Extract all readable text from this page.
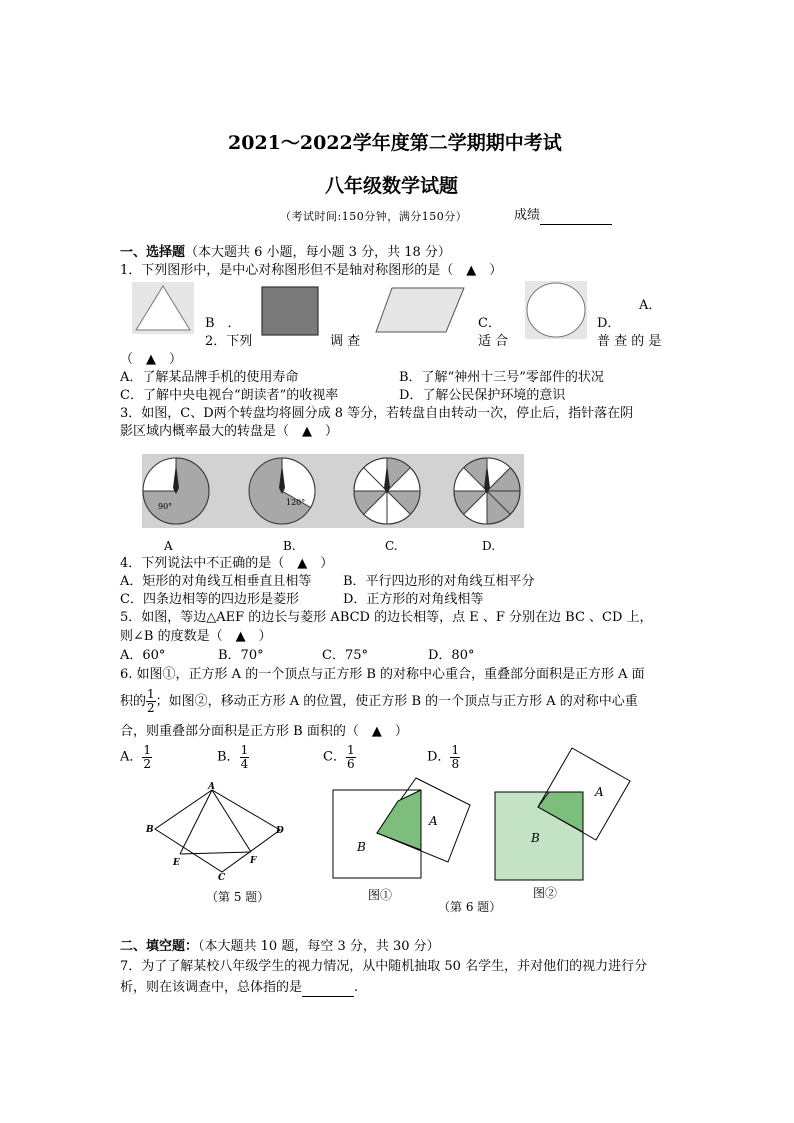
2021～2022学年度第二学期期中考试
八年级数学试题
（考试时间:150分钟，满分150分）	成绩
一、选择题（本大题共 6 小题，每小题 3 分，共 18 分）
1．下列图形中，是中心对称图形但不是轴对称图形的是（　▲　）
A．
B　．	C．	D．
2．下列	调 查	适 合	普 查 的 是
（　▲　）
A．了解某品牌手机的使用寿命	B．了解“神州十三号”零部件的状况
C．了解中央电视台“朗读者”的收视率	D．了解公民保护环境的意识
3．如图，C、D两个转盘均将圆分成 8 等分，若转盘自由转动一次，停止后，指针落在阴
影区域内概率最大的转盘是（　▲　）
90°	120°
A	B.	C.	D.
4．下列说法中不正确的是（　▲　）
A．矩形的对角线互相垂直且相等 B．平行四边形的对角线互相平分
C．四条边相等的四边形是菱形	D．正方形的对角线相等
5．如图，等边△AEF 的边长与菱形 ABCD 的边长相等，点 E 、F 分别在边 BC 、CD 上，
则∠B 的度数是（　▲　）
A．60°	B．70°	C．75°	D．80°
6. 如图①，正方形 A 的一个顶点与正方形 B 的对称中心重合，重叠部分面积是正方形 A 面
积的 $\frac{1}{2}$ ；如图②，移动正方形 A 的位置，使正方形 B 的一个顶点与正方形 A 的对称中心重
合，则重叠部分面积是正方形 B 面积的（　▲　）
A． $\frac{1}{2}$	B． $\frac{1}{4}$	C． $\frac{1}{6}$	D． $\frac{1}{8}$
A
B
C
D
E	F
（第 5 题）
A
B
图①
A
B
图②
（第 6 题）
二、填空题：（本大题共 10 题，每空 3 分，共 30 分）
7．为了了解某校八年级学生的视力情况，从中随机抽取 50 名学生，并对他们的视力进行分
析，则在该调查中，总体指的是	.
